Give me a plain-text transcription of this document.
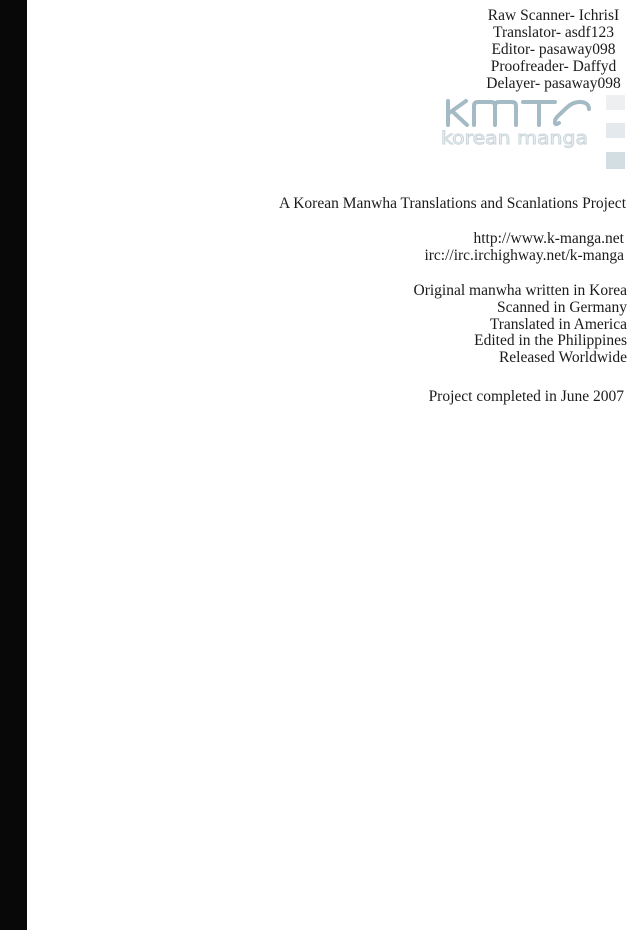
Raw Scanner- IchrisI
Translator- asdf123
Editor- pasaway098
Proofreader- Daffyd
Delayer- pasaway098
korean manga
A Korean Manwha Translations and Scanlations Project
http://www.k-manga.net
irc://irc.irchighway.net/k-manga
Original manwha written in Korea
Scanned in Germany
Translated in America
Edited in the Philippines
Released Worldwide
Project completed in June 2007
